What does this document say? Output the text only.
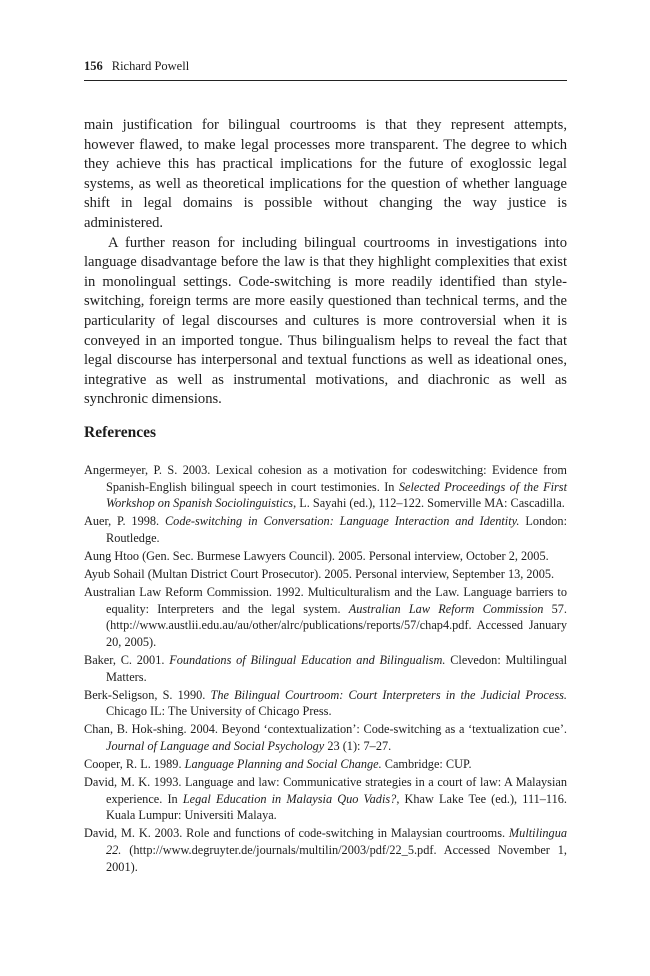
156 Richard Powell

main justification for bilingual courtrooms is that they represent attempts, however flawed, to make legal processes more transparent. The degree to which they achieve this has practical implications for the future of exoglossic legal systems, as well as theoretical implications for the question of whether language shift in legal domains is possible without changing the way justice is administered.

A further reason for including bilingual courtrooms in investigations into language disadvantage before the law is that they highlight complexities that exist in monolingual settings. Code-switching is more readily identified than style-switching, foreign terms are more easily questioned than technical terms, and the particularity of legal discourses and cultures is more controversial when it is conveyed in an imported tongue. Thus bilingualism helps to reveal the fact that legal discourse has interpersonal and textual functions as well as ideational ones, integrative as well as instrumental motivations, and diachronic as well as synchronic dimensions.

References

Angermeyer, P. S. 2003. Lexical cohesion as a motivation for codeswitching: Evidence from Spanish-English bilingual speech in court testimonies. In Selected Proceedings of the First Workshop on Spanish Sociolinguistics, L. Sayahi (ed.), 112–122. Somerville MA: Cascadilla.

Auer, P. 1998. Code-switching in Conversation: Language Interaction and Identity. London: Routledge.

Aung Htoo (Gen. Sec. Burmese Lawyers Council). 2005. Personal interview, October 2, 2005.

Ayub Sohail (Multan District Court Prosecutor). 2005. Personal interview, September 13, 2005.

Australian Law Reform Commission. 1992. Multiculturalism and the Law. Language barriers to equality: Interpreters and the legal system. Australian Law Reform Commission 57. (http://www.austlii.edu.au/au/other/alrc/publications/reports/57/chap4.pdf. Accessed January 20, 2005).

Baker, C. 2001. Foundations of Bilingual Education and Bilingualism. Clevedon: Multilingual Matters.

Berk-Seligson, S. 1990. The Bilingual Courtroom: Court Interpreters in the Judicial Process. Chicago IL: The University of Chicago Press.

Chan, B. Hok-shing. 2004. Beyond ‘contextualization’: Code-switching as a ‘textualization cue’. Journal of Language and Social Psychology 23 (1): 7–27.

Cooper, R. L. 1989. Language Planning and Social Change. Cambridge: CUP.

David, M. K. 1993. Language and law: Communicative strategies in a court of law: A Malaysian experience. In Legal Education in Malaysia Quo Vadis?, Khaw Lake Tee (ed.), 111–116. Kuala Lumpur: Universiti Malaya.

David, M. K. 2003. Role and functions of code-switching in Malaysian courtrooms. Multilingua 22. (http://www.degruyter.de/journals/multilin/2003/pdf/22_5.pdf. Accessed November 1, 2001).
